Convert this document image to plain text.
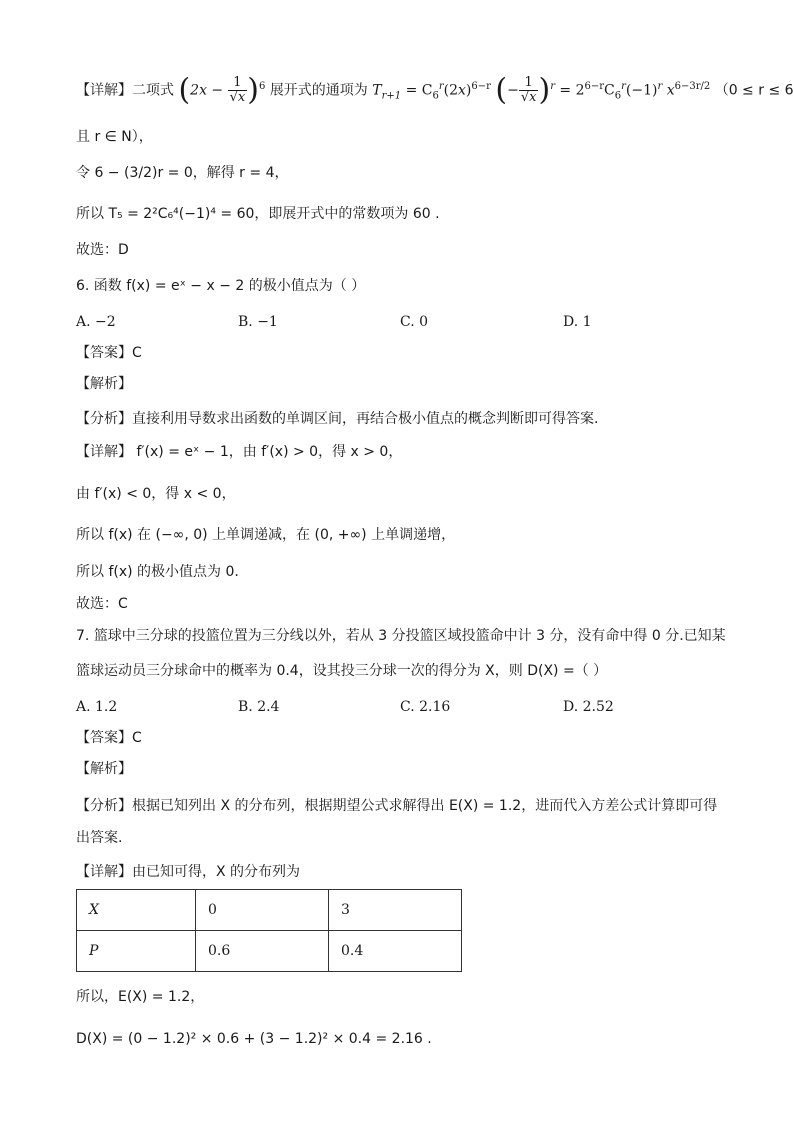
【详解】二项式 $(2x - \frac{1}{√x} )^6$ 展开式的通项为 $T_{r+1} = C_6^r(2x)^{6-r}$ (− $\frac{1}{√x} )^r = 2^{6-r}C_6^r(-1)^r$ $x^{6-3r/2}$ （0 ≤ r ≤ 6
且 r ∈ N），
令 6 − (3/2)r = 0，解得 r = 4，
所以 T₅ = 2²C₆⁴(−1)⁴ = 60，即展开式中的常数项为 60 .
故选：D
6. 函数 f(x) = eˣ − x − 2 的极小值点为（ ）
A. −2	B. −1	C. 0	D. 1
【答案】C
【解析】
【分析】直接利用导数求出函数的单调区间，再结合极小值点的概念判断即可得答案.
【详解】 f′(x) = eˣ − 1，由 f′(x) > 0，得 x > 0，
由 f′(x) < 0，得 x < 0，
所以 f(x) 在 (−∞, 0) 上单调递减，在 (0, +∞) 上单调递增，
所以 f(x) 的极小值点为 0.
故选：C
7. 篮球中三分球的投篮位置为三分线以外，若从 3 分投篮区域投篮命中计 3 分，没有命中得 0 分.已知某
篮球运动员三分球命中的概率为 0.4，设其投三分球一次的得分为 X，则 D(X) =（ ）
A. 1.2	B. 2.4	C. 2.16	D. 2.52
【答案】C
【解析】
【分析】根据已知列出 X 的分布列，根据期望公式求解得出 E(X) = 1.2，进而代入方差公式计算即可得
出答案.
【详解】由已知可得，X 的分布列为
X	0	3
P	0.6	0.4
所以，E(X) = 1.2，
D(X) = (0 − 1.2)² × 0.6 + (3 − 1.2)² × 0.4 = 2.16 .
